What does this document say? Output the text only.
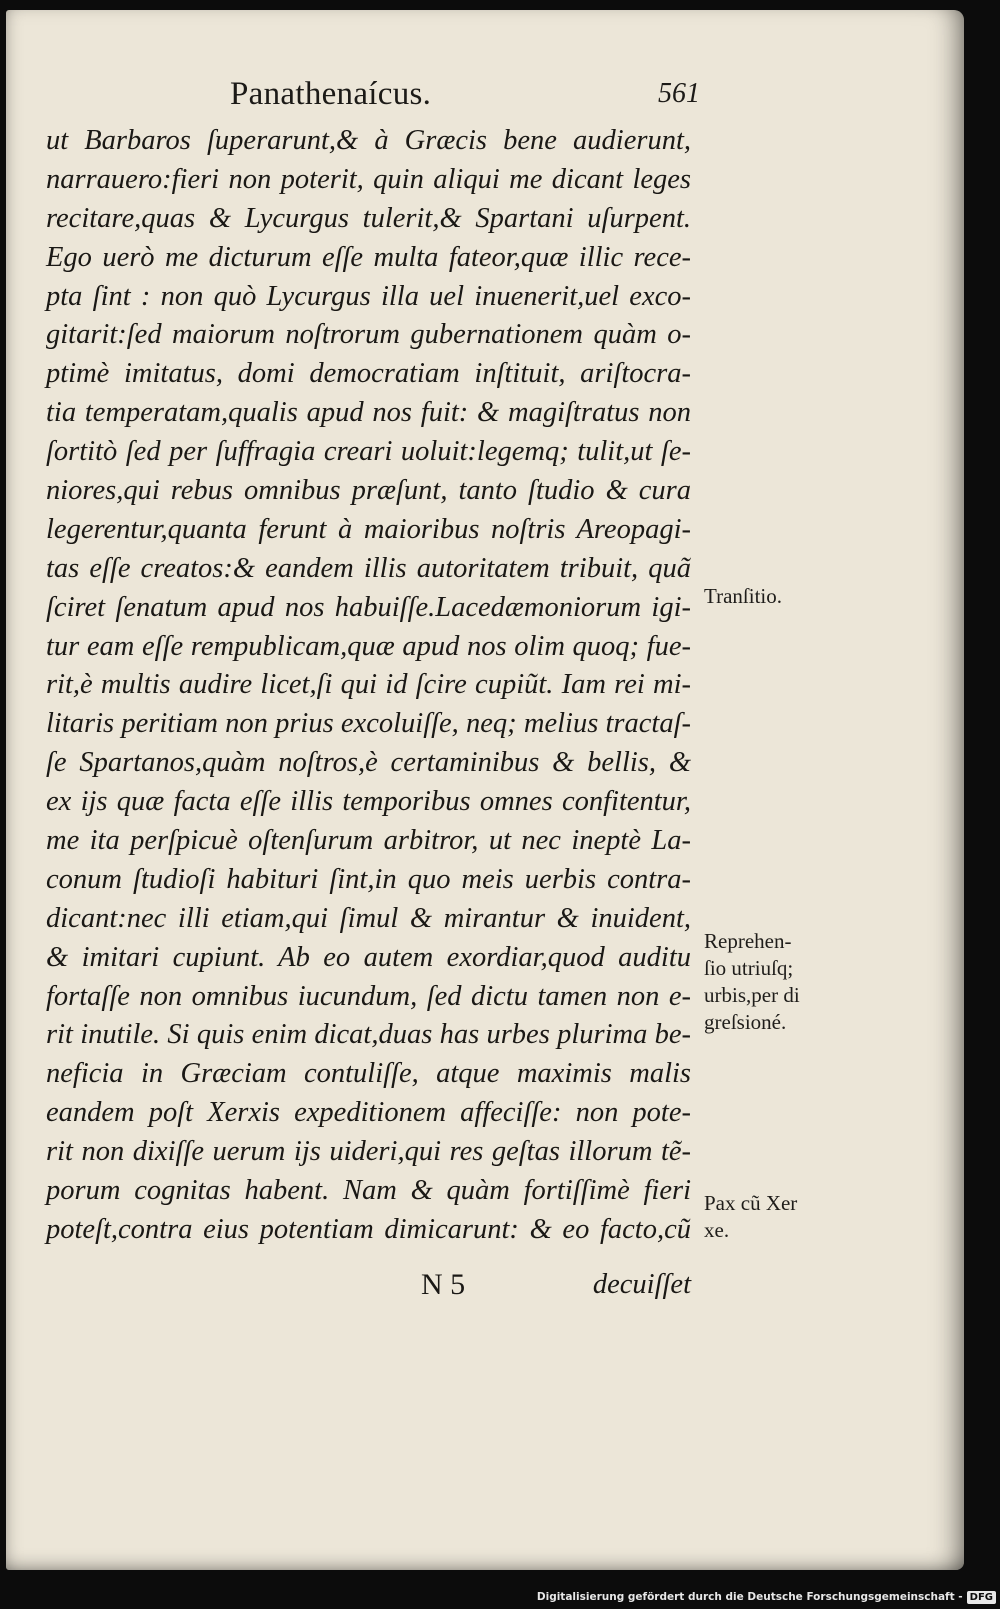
Panathenaícus.	561
ut Barbaros ſuperarunt,& à Græcis bene audierunt,
narrauero:fieri non poterit, quin aliqui me dicant leges
recitare,quas & Lycurgus tulerit,& Spartani uſurpent.
Ego uerò me dicturum eſſe multa fateor,quæ illic rece-
pta ſint : non quò Lycurgus illa uel inuenerit,uel exco-
gitarit:ſed maiorum noſtrorum gubernationem quàm o-
ptimè imitatus, domi democratiam inſtituit, ariſtocra-
tia temperatam,qualis apud nos fuit: & magiſtratus non
ſortitò ſed per ſuffragia creari uoluit:legemq; tulit,ut ſe-
niores,qui rebus omnibus præſunt, tanto ſtudio & cura
legerentur,quanta ferunt à maioribus noſtris Areopagi-
tas eſſe creatos:& eandem illis autoritatem tribuit, quã
ſciret ſenatum apud nos habuiſſe.Lacedæmoniorum igi-
tur eam eſſe rempublicam,quæ apud nos olim quoq; fue-
rit,è multis audire licet,ſi qui id ſcire cupiũt. Iam rei mi-
litaris peritiam non prius excoluiſſe, neq; melius tractaſ-
ſe Spartanos,quàm noſtros,è certaminibus & bellis, &
ex ijs quæ facta eſſe illis temporibus omnes confitentur,
me ita perſpicuè oſtenſurum arbitror, ut nec ineptè La-
conum ſtudioſi habituri ſint,in quo meis uerbis contra-
dicant:nec illi etiam,qui ſimul & mirantur & inuident,
& imitari cupiunt. Ab eo autem exordiar,quod auditu
fortaſſe non omnibus iucundum, ſed dictu tamen non e-
rit inutile. Si quis enim dicat,duas has urbes plurima be-
neficia in Græciam contuliſſe, atque maximis malis
eandem poſt Xerxis expeditionem affeciſſe: non pote-
rit non dixiſſe uerum ijs uideri,qui res geſtas illorum tẽ-
porum cognitas habent. Nam & quàm fortiſſimè fieri
poteſt,contra eius potentiam dimicarunt: & eo facto,cũ
Tranſitio.
Reprehen-
ſio utriuſq;
urbis,per di
greſsioné.
Pax cũ Xer
xe.
N 5	decuiſſet
Digitalisierung gefördert durch die Deutsche Forschungsgemeinschaft - DFG
